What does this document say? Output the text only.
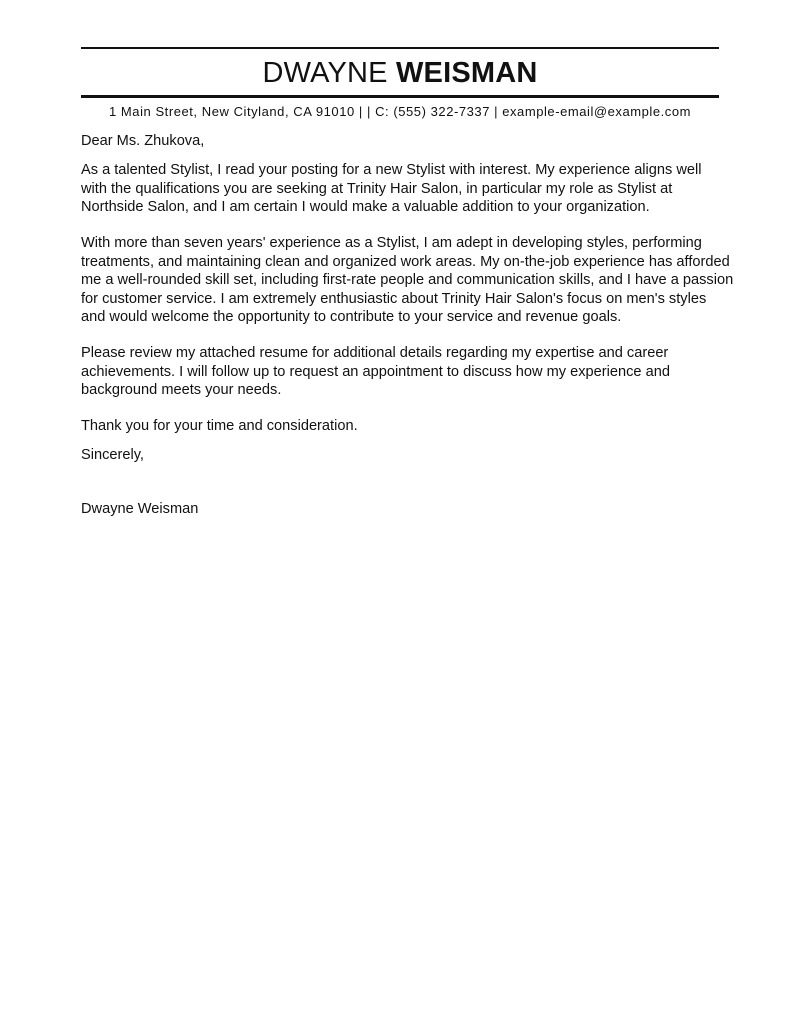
DWAYNE WEISMAN
1 Main Street, New Cityland, CA 91010 | | C: (555) 322-7337 | example-email@example.com

Dear Ms. Zhukova,

As a talented Stylist, I read your posting for a new Stylist with interest. My experience aligns well
with the qualifications you are seeking at Trinity Hair Salon, in particular my role as Stylist at
Northside Salon, and I am certain I would make a valuable addition to your organization.

With more than seven years' experience as a Stylist, I am adept in developing styles, performing
treatments, and maintaining clean and organized work areas. My on-the-job experience has afforded
me a well-rounded skill set, including first-rate people and communication skills, and I have a passion
for customer service. I am extremely enthusiastic about Trinity Hair Salon's focus on men's styles
and would welcome the opportunity to contribute to your service and revenue goals.

Please review my attached resume for additional details regarding my expertise and career
achievements. I will follow up to request an appointment to discuss how my experience and
background meets your needs.

Thank you for your time and consideration.

Sincerely,

Dwayne Weisman
